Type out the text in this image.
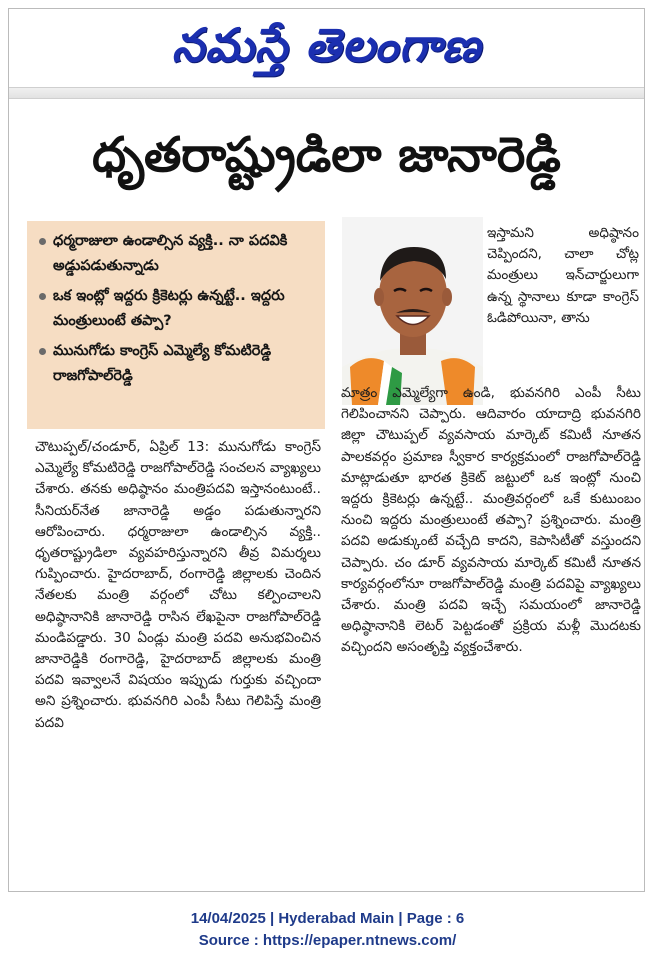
నమస్తే తెలంగాణ
ధృతరాష్ట్రుడిలా జానారెడ్డి
ధర్మరాజులా ఉండాల్సిన వ్యక్తి.. నా పదవికి అడ్డుపడుతున్నాడు
ఒక ఇంట్లో ఇద్దరు క్రికెటర్లు ఉన్నట్టే.. ఇద్దరు మంత్రులుంటే తప్పా?
మునుగోడు కాంగ్రెస్ ఎమ్మెల్యే కోమటిరెడ్డి రాజగోపాల్‌రెడ్డి

చౌటుప్పల్/చండూర్, ఏప్రిల్ 13: మునుగోడు కాంగ్రెస్ ఎమ్మెల్యే కోమటిరెడ్డి రాజగోపాల్‌రెడ్డి సంచలన వ్యాఖ్యలు చేశారు. తనకు అధిష్ఠానం మంత్రిపదవి ఇస్తానంటుంటే.. సీనియర్‌నేత జానారెడ్డి అడ్డం పడుతున్నారని ఆరోపించారు. ధర్మరాజులా ఉండాల్సిన వ్యక్తి.. ధృతరాష్ట్రుడిలా వ్యవహరిస్తున్నారని తీవ్ర విమర్శలు గుప్పించారు. హైదరాబాద్, రంగారెడ్డి జిల్లాలకు చెందిన నేతలకు మంత్రి వర్గంలో చోటు కల్పించాలని అధిష్ఠానానికి జానారెడ్డి రాసిన లేఖపైనా రాజగోపాల్‌రెడ్డి మండిపడ్డారు. 30 ఏండ్లు మంత్రి పదవి అనుభవించిన జానారెడ్డికి రంగారెడ్డి, హైదరాబాద్ జిల్లాలకు మంత్రి పదవి ఇవ్వాలనే విషయం ఇప్పుడు గుర్తుకు వచ్చిందా అని ప్రశ్నించారు. భువనగిరి ఎంపీ సీటు గెలిపిస్తే మంత్రి పదవి

ఇస్తామని అధిష్ఠానం చెప్పిందని, చాలా చోట్ల మంత్రులు ఇన్‌చార్జులుగా ఉన్న స్థానాలు కూడా కాంగ్రెస్ ఓడిపోయినా, తాను

మాత్రం ఎమ్మెల్యేగా ఉండి, భువనగిరి ఎంపీ సీటు గెలిపించానని చెప్పారు. ఆదివారం యాదాద్రి భువనగిరి జిల్లా చౌటుప్పల్ వ్యవసాయ మార్కెట్ కమిటీ నూతన పాలకవర్గం ప్రమాణ స్వీకార కార్యక్రమంలో రాజగోపాల్‌రెడ్డి మాట్లాడుతూ భారత క్రికెట్ జట్టులో ఒక ఇంట్లో నుంచి ఇద్దరు క్రికెటర్లు ఉన్నట్టే.. మంత్రివర్గంలో ఒకే కుటుంబం నుంచి ఇద్దరు మంత్రులుంటే తప్పా? ప్రశ్నించారు. మంత్రి పదవి అడుక్కుంటే వచ్చేది కాదని, కెపాసిటీతో వస్తుందని చెప్పారు. చం డూర్ వ్యవసాయ మార్కెట్ కమిటీ నూతన కార్యవర్గంలోనూ రాజగోపాల్‌రెడ్డి మంత్రి పదవిపై వ్యాఖ్యలు చేశారు. మంత్రి పదవి ఇచ్చే సమయంలో జానారెడ్డి అధిష్ఠానానికి లెటర్ పెట్టడంతో ప్రక్రియ మళ్లీ మొదటకు వచ్చిందని అసంతృప్తి వ్యక్తంచేశారు.

14/04/2025 | Hyderabad Main | Page : 6
Source : https://epaper.ntnews.com/
